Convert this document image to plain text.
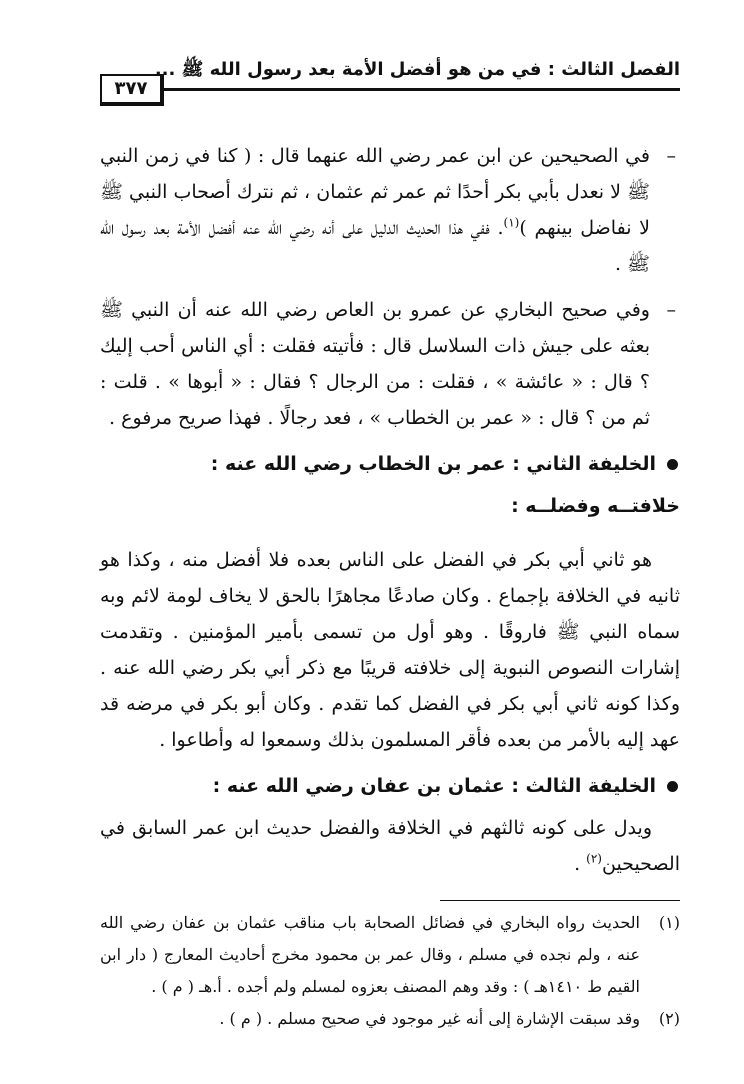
الفصل الثالث : في من هو أفضل الأمة بعد رسول الله ﷺ ...
٣٧٧
–
في الصحيحين عن ابن عمر رضي الله عنهما قال : ( كنا في زمن النبي ﷺ لا نعدل بأبي بكر أحدًا ثم عمر ثم عثمان ، ثم نترك أصحاب النبي ﷺ لا نفاضل بينهم )$^{(١)}$. ففي هذا الحديث الدليل على أنه رضي الله عنه أفضل الأمة بعد رسول الله ﷺ .
–
وفي صحيح البخاري عن عمرو بن العاص رضي الله عنه أن النبي ﷺ بعثه على جيش ذات السلاسل قال : فأتيته فقلت : أي الناس أحب إليك ؟ قال : « عائشة » ، فقلت : من الرجال ؟ فقال : « أبوها » . قلت : ثم من ؟ قال : « عمر بن الخطاب » ، فعد رجالًا . فهذا صريح مرفوع .
الخليفة الثاني : عمر بن الخطاب رضي الله عنه :
خلافتــه وفضلــه :

هو ثاني أبي بكر في الفضل على الناس بعده فلا أفضل منه ، وكذا هو ثانيه في الخلافة بإجماع . وكان صادعًا مجاهرًا بالحق لا يخاف لومة لائم وبه سماه النبي ﷺ فاروقًا . وهو أول من تسمى بأمير المؤمنين . وتقدمت إشارات النصوص النبوية إلى خلافته قريبًا مع ذكر أبي بكر رضي الله عنه . وكذا كونه ثاني أبي بكر في الفضل كما تقدم . وكان أبو بكر في مرضه قد عهد إليه بالأمر من بعده فأقر المسلمون بذلك وسمعوا له وأطاعوا .

الخليفة الثالث : عثمان بن عفان رضي الله عنه :

ويدل على كونه ثالثهم في الخلافة والفضل حديث ابن عمر السابق في الصحيحين$^{(٢)}$ .

(١)
الحديث رواه البخاري في فضائل الصحابة باب مناقب عثمان بن عفان رضي الله عنه ، ولم نجده في مسلم ، وقال عمر بن محمود مخرج أحاديث المعارج ( دار ابن القيم ط ١٤١٠هـ ) : وقد وهم المصنف بعزوه لمسلم ولم أجده . أ.هـ ( م ) .
(٢)
وقد سبقت الإشارة إلى أنه غير موجود في صحيح مسلم . ( م ) .
